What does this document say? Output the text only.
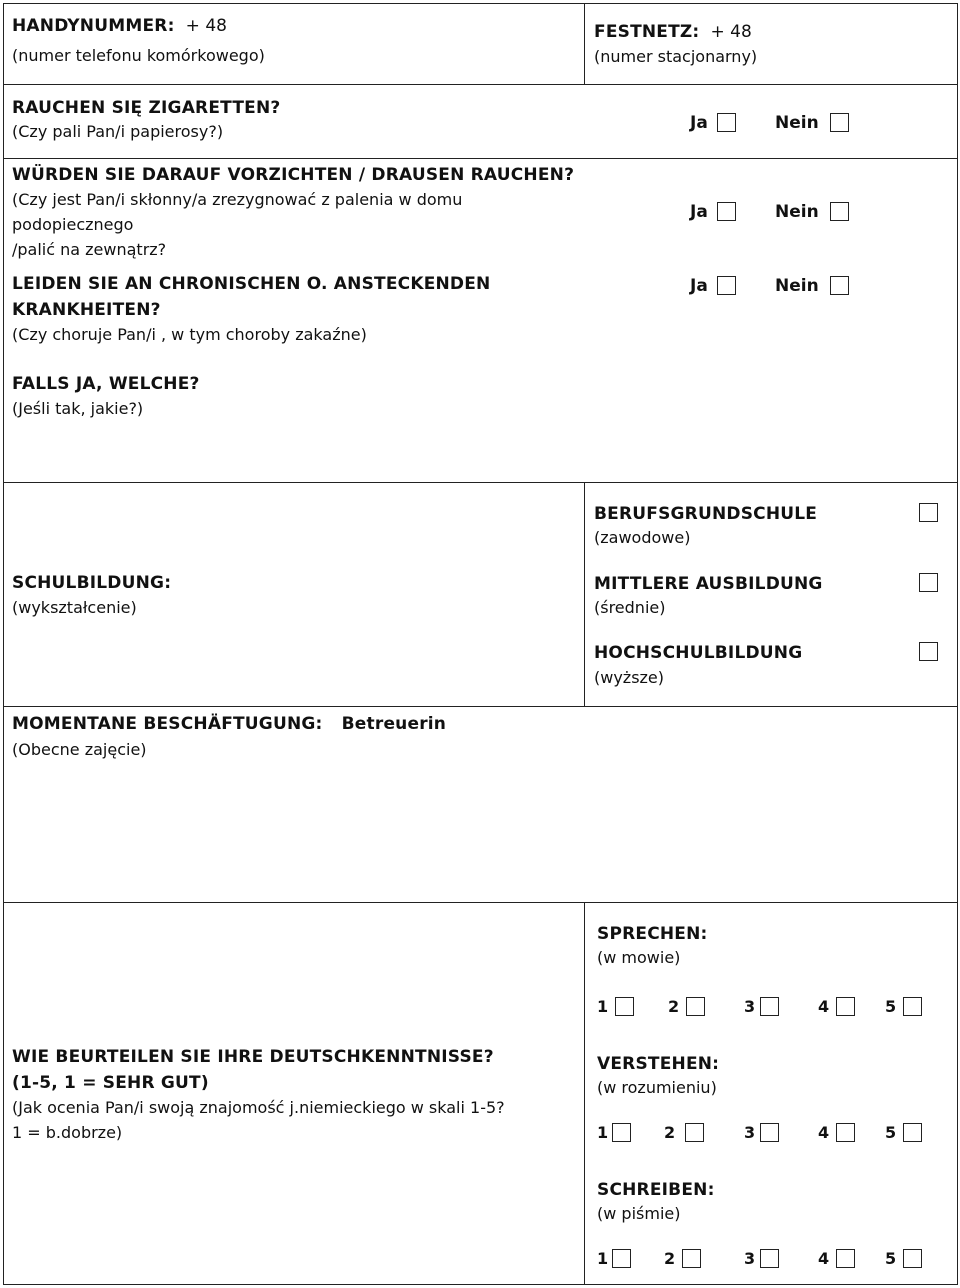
HANDYNUMMER: + 48
(numer telefonu komórkowego)
FESTNETZ: + 48
(numer stacjonarny)
RAUCHEN SIĘ ZIGARETTEN?
(Czy pali Pan/i papierosy?)	Ja	Nein
WÜRDEN SIE DARAUF VORZICHTEN / DRAUSEN RAUCHEN?
(Czy jest Pan/i skłonny/a zrezygnować z palenia w domu
podopiecznego
/palić na zewnątrz?
Ja	Nein
LEIDEN SIE AN CHRONISCHEN O. ANSTECKENDEN
KRANKHEITEN?
(Czy choruje Pan/i , w tym choroby zakaźne)
Ja	Nein
FALLS JA, WELCHE?
(Jeśli tak, jakie?)
SCHULBILDUNG:
(wykształcenie)
BERUFSGRUNDSCHULE
(zawodowe)
MITTLERE AUSBILDUNG
(średnie)
HOCHSCHULBILDUNG
(wyższe)
MOMENTANE BESCHÄFTUGUNG: Betreuerin
(Obecne zajęcie)
WIE BEURTEILEN SIE IHRE DEUTSCHKENNTNISSE?
(1-5, 1 = SEHR GUT)
(Jak ocenia Pan/i swoją znajomość j.niemieckiego w skali 1-5?
1 = b.dobrze)
SPRECHEN:
(w mowie)
1	2	3	4	5
VERSTEHEN:
(w rozumieniu)
1	2	3	4	5
SCHREIBEN:
(w piśmie)
1	2	3	4	5
